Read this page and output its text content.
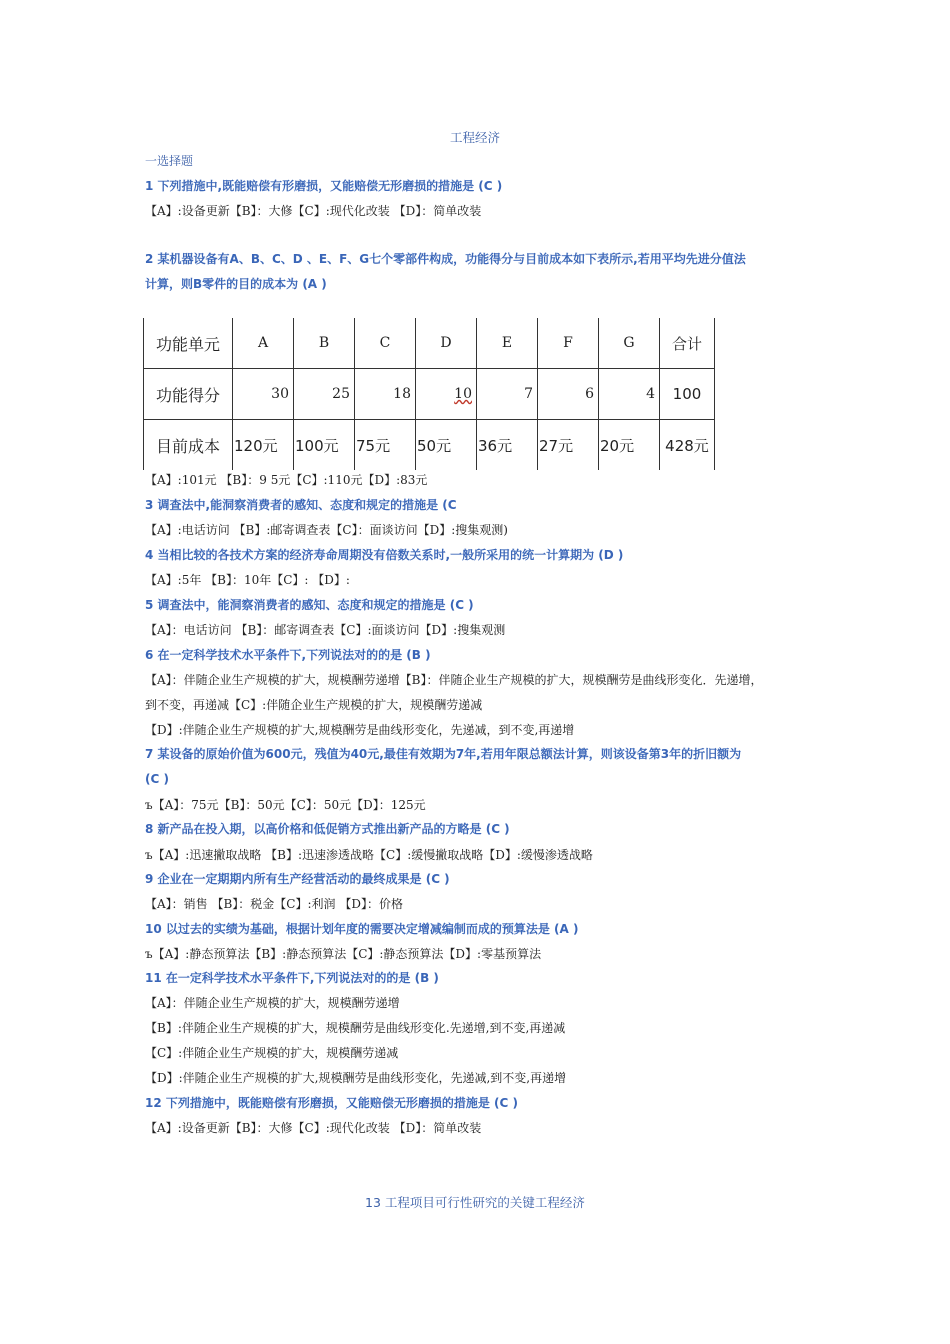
工程经济
一选择题
1 下列措施中,既能赔偿有形磨损，又能赔偿无形磨损的措施是 (C )
【A】:设备更新【B】：大修【C】:现代化改装 【D】：简单改装
2 某机器设备有A、B、C、D 、E、F、G七个零部件构成，功能得分与目前成本如下表所示,若用平均先进分值法
计算，则B零件的目的成本为 (A )
功能单元	A	B	C	D	E	F	G	合计
功能得分	30	25	18	10	7	6	4	100
目前成本	120元	100元	75元	50元	36元	27元	20元	428元
【A】:101元 【B】：9 5元【C】:110元【D】:83元
3 调查法中,能洞察消费者的感知、态度和规定的措施是 (C
【A】:电话访问 【B】:邮寄调查表【C】：面谈访问【D】:搜集观测)
4 当相比较的各技术方案的经济寿命周期没有倍数关系时,一般所采用的统一计算期为 (D )
【A】:5年 【B】：10年【C】: 【D】:
5 调查法中，能洞察消费者的感知、态度和规定的措施是 (C )
【A】：电话访问 【B】：邮寄调查表【C】:面谈访问【D】:搜集观测
6 在一定科学技术水平条件下,下列说法对的的是 (B )
【A】：伴随企业生产规模的扩大，规模酬劳递增【B】：伴随企业生产规模的扩大，规模酬劳是曲线形变化．先递增，
到不变，再递减【C】:伴随企业生产规模的扩大，规模酬劳递减
【D】:伴随企业生产规模的扩大,规模酬劳是曲线形变化，先递减，到不变,再递增
7 某设备的原始价值为600元，残值为40元,最佳有效期为7年,若用年限总额法计算，则该设备第3年的折旧额为
(C )
ъ【A】：75元【B】：50元【C】：50元【D】：125元
8 新产品在投入期，以高价格和低促销方式推出新产品的方略是 (C )
ъ【A】:迅速撇取战略 【B】:迅速渗透战略【C】:缓慢撇取战略【D】:缓慢渗透战略
9 企业在一定期期内所有生产经营活动的最终成果是 (C )
【A】：销售 【B】：税金【C】:利润 【D】：价格
10 以过去的实绩为基础，根据计划年度的需要决定增减编制而成的预算法是 (A )
ъ【A】:静态预算法【B】:静态预算法【C】:静态预算法【D】:零基预算法
11 在一定科学技术水平条件下,下列说法对的的是 (B )
【A】：伴随企业生产规模的扩大，规模酬劳递增
【B】:伴随企业生产规模的扩大，规模酬劳是曲线形变化.先递增,到不变,再递减
【C】:伴随企业生产规模的扩大，规模酬劳递减
【D】:伴随企业生产规模的扩大,规模酬劳是曲线形变化，先递减,到不变,再递增
12 下列措施中，既能赔偿有形磨损，又能赔偿无形磨损的措施是 (C )
【A】:设备更新【B】：大修【C】:现代化改装 【D】：简单改装
13 工程项目可行性研究的关键工程经济
